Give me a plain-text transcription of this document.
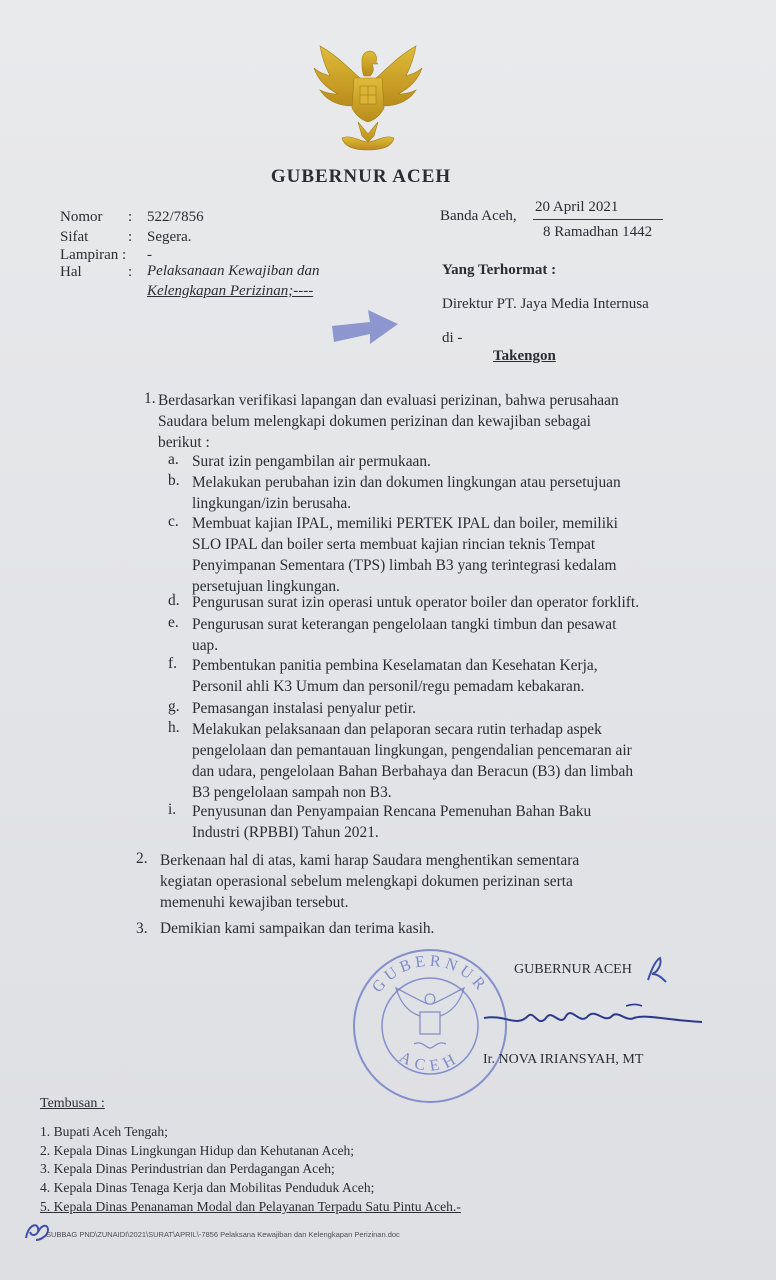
GUBERNUR ACEH
Nomor : 522/7856
Sifat	: Segera.
Lampiran : -
Hal	: Pelaksanaan Kewajiban dan
Kelengkapan Perizinan;----
Banda Aceh,
20 April 2021
8 Ramadhan 1442
Yang Terhormat :
Direktur PT. Jaya Media Internusa
di -
Takengon
1. Berdasarkan verifikasi lapangan dan evaluasi perizinan, bahwa perusahaan
Saudara belum melengkapi dokumen perizinan dan kewajiban sebagai
berikut :
a. Surat izin pengambilan air permukaan.
b. Melakukan perubahan izin dan dokumen lingkungan atau persetujuan
lingkungan/izin berusaha.
c. Membuat kajian IPAL, memiliki PERTEK IPAL dan boiler, memiliki
SLO IPAL dan boiler serta membuat kajian rincian teknis Tempat
Penyimpanan Sementara (TPS) limbah B3 yang terintegrasi kedalam
persetujuan lingkungan.
d. Pengurusan surat izin operasi untuk operator boiler dan operator forklift.
e. Pengurusan surat keterangan pengelolaan tangki timbun dan pesawat
uap.
f. Pembentukan panitia pembina Keselamatan dan Kesehatan Kerja,
Personil ahli K3 Umum dan personil/regu pemadam kebakaran.
g. Pemasangan instalasi penyalur petir.
h. Melakukan pelaksanaan dan pelaporan secara rutin terhadap aspek
pengelolaan dan pemantauan lingkungan, pengendalian pencemaran air
dan udara, pengelolaan Bahan Berbahaya dan Beracun (B3) dan limbah
B3 pengelolaan sampah non B3.
i. Penyusunan dan Penyampaian Rencana Pemenuhan Bahan Baku
Industri (RPBBI) Tahun 2021.
2. Berkenaan hal di atas, kami harap Saudara menghentikan sementara
kegiatan operasional sebelum melengkapi dokumen perizinan serta
memenuhi kewajiban tersebut.
3. Demikian kami sampaikan dan terima kasih.
GUBERNUR
ACEH
GUBERNUR ACEH
Ir. NOVA IRIANSYAH, MT
Tembusan :
1. Bupati Aceh Tengah;
2. Kepala Dinas Lingkungan Hidup dan Kehutanan Aceh;
3. Kepala Dinas Perindustrian dan Perdagangan Aceh;
4. Kepala Dinas Tenaga Kerja dan Mobilitas Penduduk Aceh;
5. Kepala Dinas Penanaman Modal dan Pelayanan Terpadu Satu Pintu Aceh.-
SUBBAG PND\ZUNAIDI\2021\SURAT\APRIL\-7856 Pelaksana Kewajiban dan Kelengkapan Perizinan.doc
